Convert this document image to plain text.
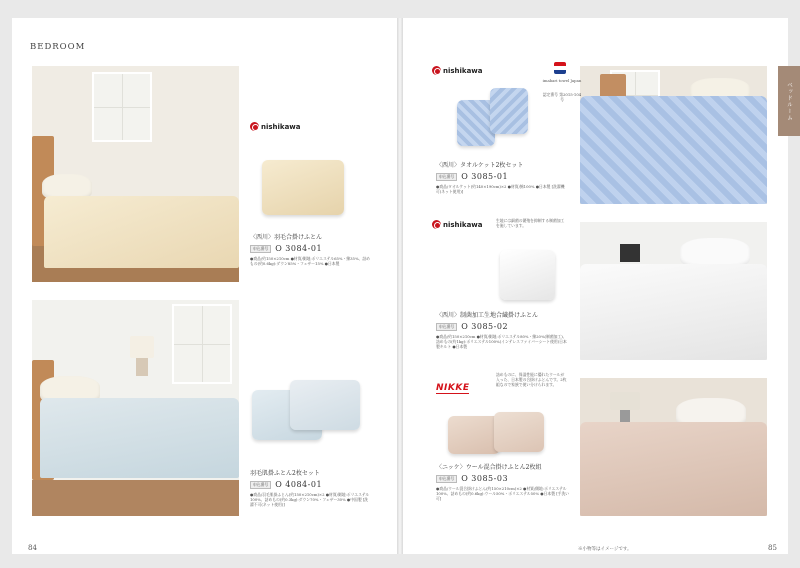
BEDROOM
ベッドルーム
nishikawa
〈西川〉羽毛合掛けふとん
申込番号 O 3084-01
●商品/約150×210cm ●材質/側地:ポリエステル65%・綿35%、詰めもの(約0.6kg):ダウン85%・フェザー15% ●日本製
羽毛肌掛ふとん2枚セット
申込番号 O 4084-01
●商品/羽毛肌掛ふとん(約150×210cm)×2 ●材質/側地:ポリエステル100%、詰めもの(約0.3kg):ダウン70%・フェザー30% ●中国製 [洗濯不可(ネット使用)]
nishikawa
imabari towel Japan
認定番号 第2015-104号
〈西川〉タオルケット2枚セット
申込番号 O 3085-01
●商品/タオルケット(約140×190cm)×2 ●材質/綿100% ●日本製 [洗濯機可(ネット使用)]
nishikawa	生地には細菌の繁殖を抑制する制菌加工を施しています。
〈西川〉制菌加工生地合繊掛けふとん
申込番号 O 3085-02
●商品/約150×210cm ●材質/側地:ポリエステル80%・綿20%(制菌加工)、詰めもの(約1kg):ポリエステル100%(インテレスファイバーシート使用)日本製キルト ●日本製
NIKKE
詰めものに、保湿性能に優れたウールが入った、日本製の合掛けふとんです。2枚組なので家族で使い分けられます。
〈ニッケ〉ウール混合掛けふとん2枚組
申込番号 O 3085-03
●商品/ウール混合掛けふとん(約150×210cm)×2 ●材質/側地:ポリエステル100%、詰めもの(約0.6kg):ウール50%・ポリエステル50% ●日本製 [手洗い可]
84	※小物等はイメージです。	85
